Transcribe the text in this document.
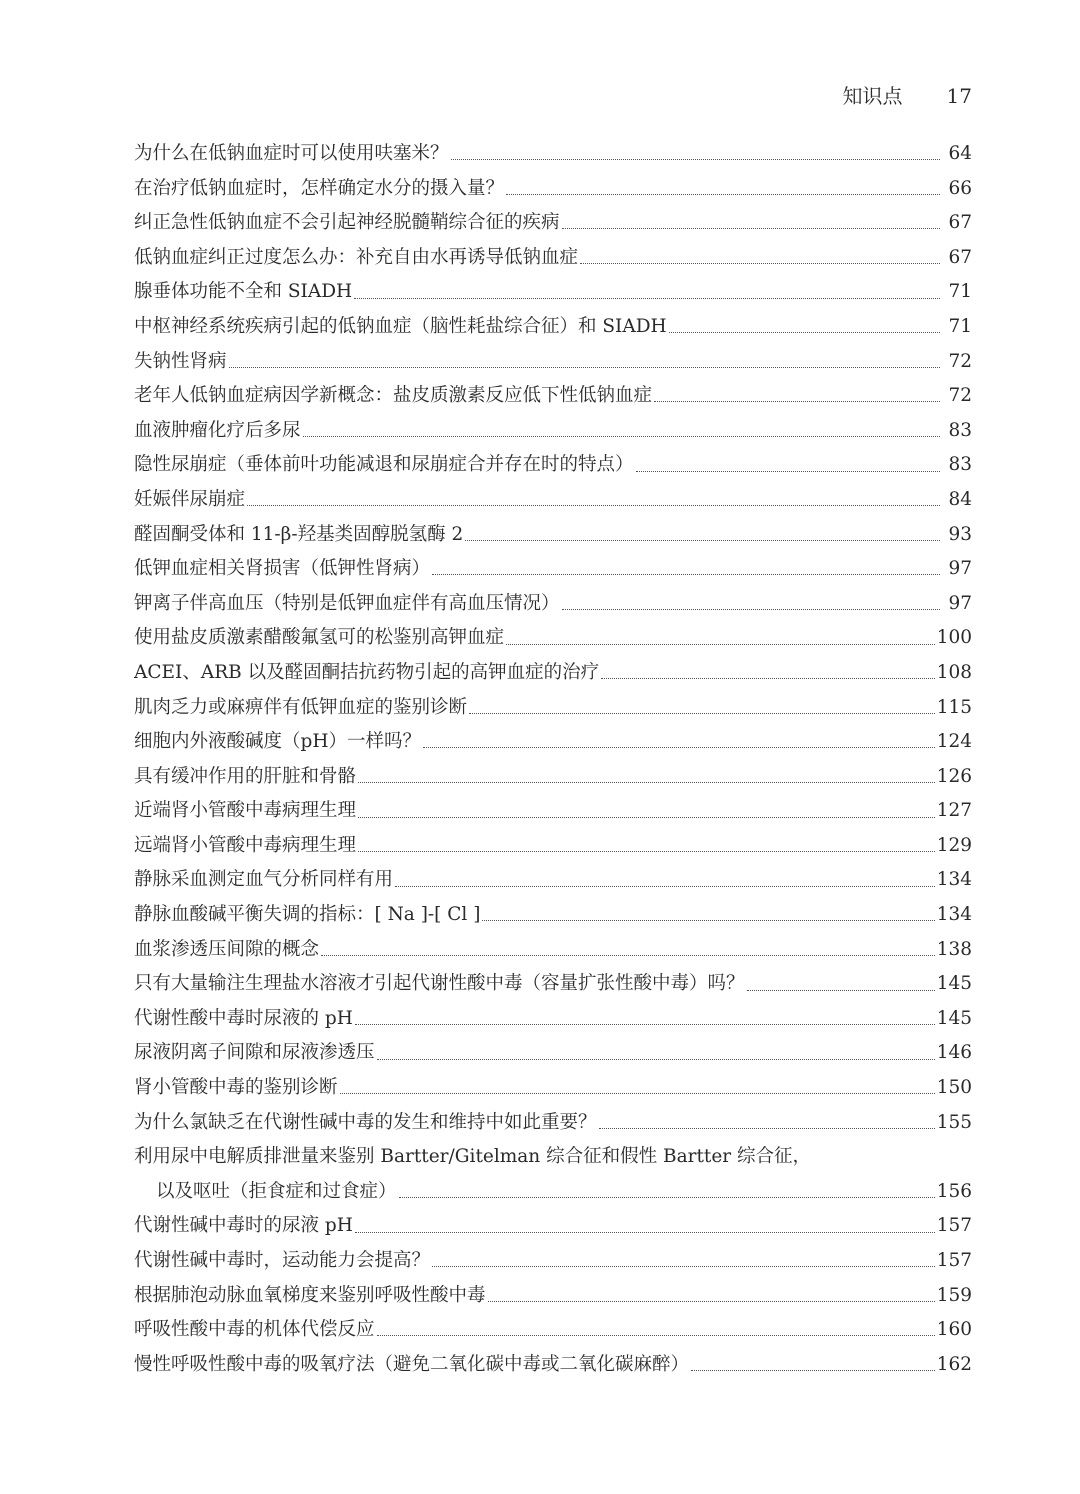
知识点 17
为什么在低钠血症时可以使用呋塞米？	64
在治疗低钠血症时，怎样确定水分的摄入量？	66
纠正急性低钠血症不会引起神经脱髓鞘综合征的疾病	67
低钠血症纠正过度怎么办：补充自由水再诱导低钠血症	67
腺垂体功能不全和 SIADH	71
中枢神经系统疾病引起的低钠血症（脑性耗盐综合征）和 SIADH	71
失钠性肾病	72
老年人低钠血症病因学新概念：盐皮质激素反应低下性低钠血症	72
血液肿瘤化疗后多尿	83
隐性尿崩症（垂体前叶功能减退和尿崩症合并存在时的特点）	83
妊娠伴尿崩症	84
醛固酮受体和 11-β-羟基类固醇脱氢酶 2	93
低钾血症相关肾损害（低钾性肾病）	97
钾离子伴高血压（特别是低钾血症伴有高血压情况）	97
使用盐皮质激素醋酸氟氢可的松鉴别高钾血症	100
ACEI、ARB 以及醛固酮拮抗药物引起的高钾血症的治疗	108
肌肉乏力或麻痹伴有低钾血症的鉴别诊断	115
细胞内外液酸碱度（pH）一样吗？	124
具有缓冲作用的肝脏和骨骼	126
近端肾小管酸中毒病理生理	127
远端肾小管酸中毒病理生理	129
静脉采血测定血气分析同样有用	134
静脉血酸碱平衡失调的指标：[ Na ]-[ Cl ]	134
血浆渗透压间隙的概念	138
只有大量输注生理盐水溶液才引起代谢性酸中毒（容量扩张性酸中毒）吗？	145
代谢性酸中毒时尿液的 pH	145
尿液阴离子间隙和尿液渗透压	146
肾小管酸中毒的鉴别诊断	150
为什么氯缺乏在代谢性碱中毒的发生和维持中如此重要？	155
利用尿中电解质排泄量来鉴别 Bartter/Gitelman 综合征和假性 Bartter 综合征，
以及呕吐（拒食症和过食症）	156
代谢性碱中毒时的尿液 pH	157
代谢性碱中毒时，运动能力会提高？	157
根据肺泡动脉血氧梯度来鉴别呼吸性酸中毒	159
呼吸性酸中毒的机体代偿反应	160
慢性呼吸性酸中毒的吸氧疗法（避免二氧化碳中毒或二氧化碳麻醉）	162
